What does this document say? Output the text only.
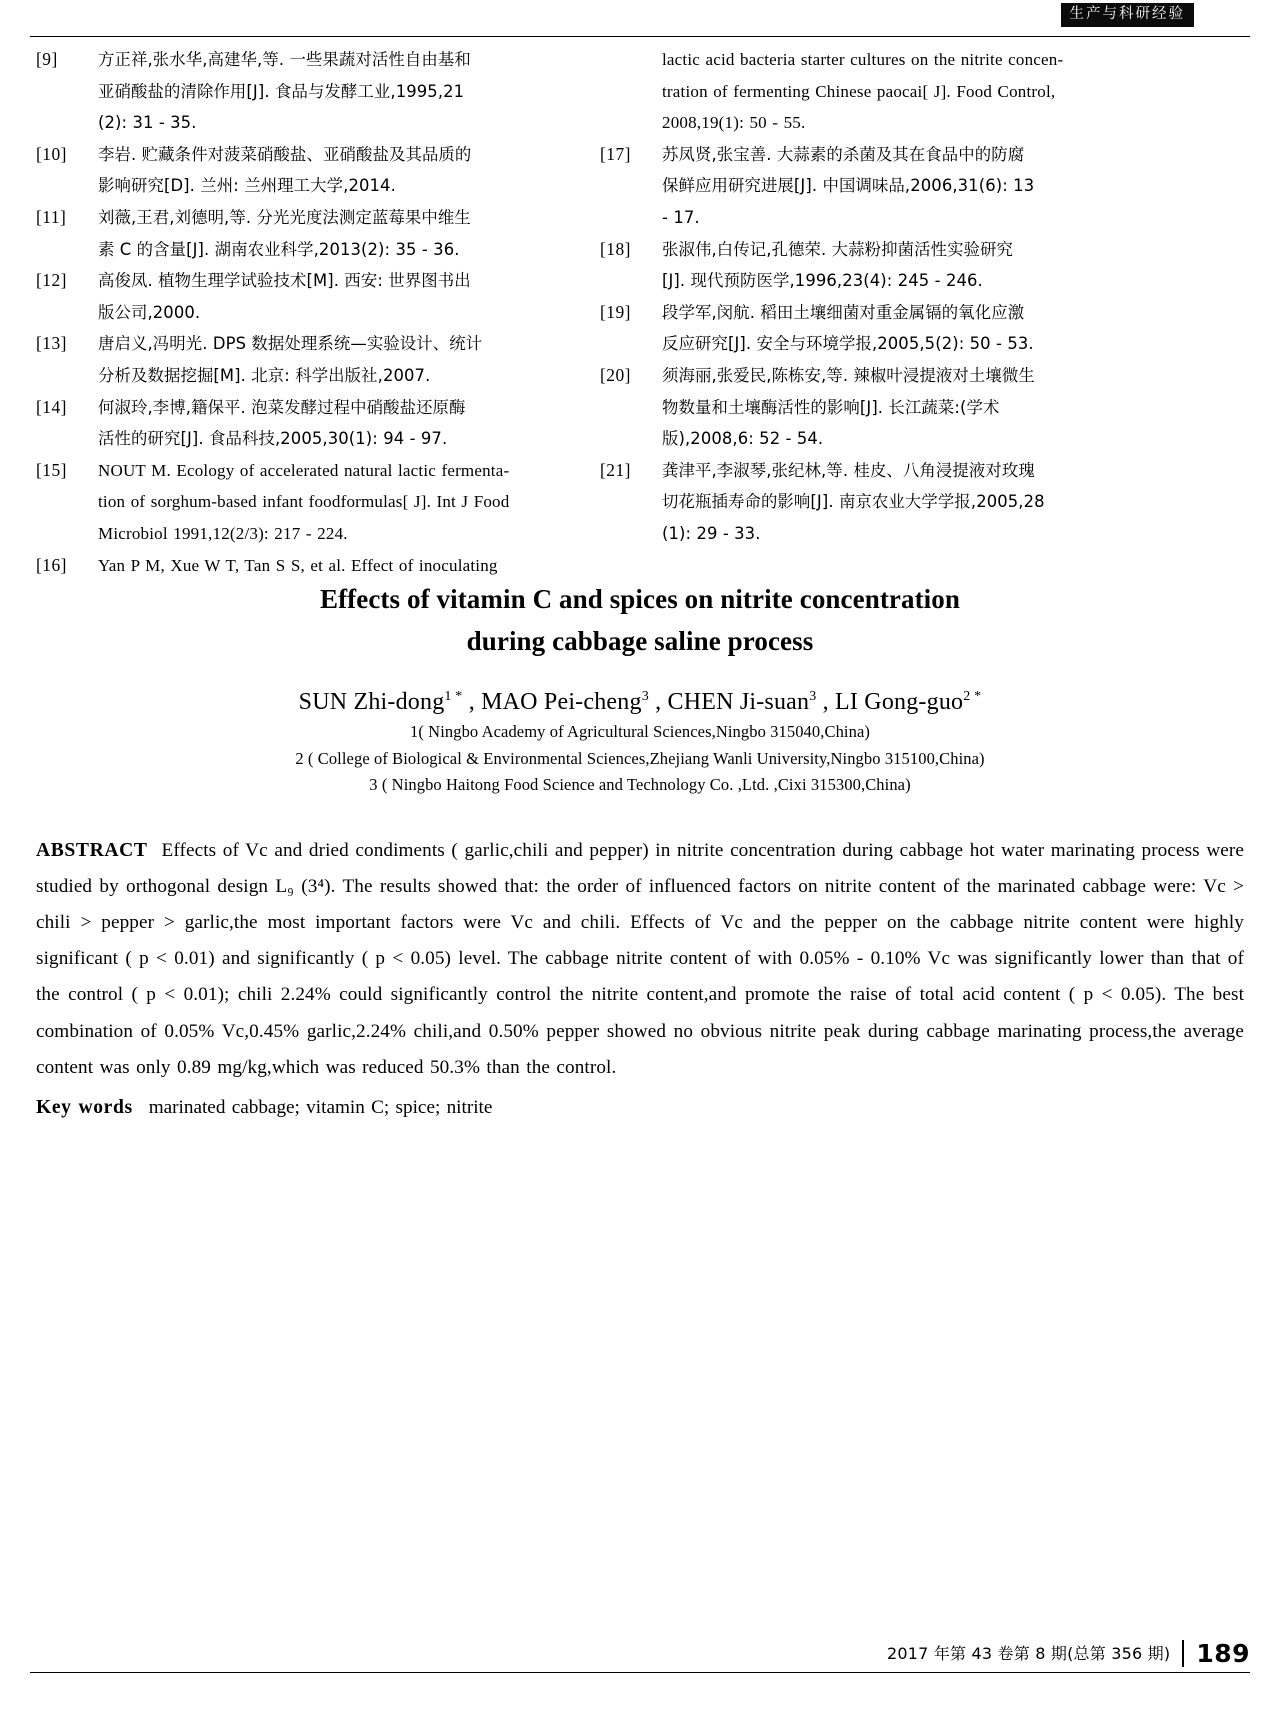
生产与科研经验
[9]	方正祥,张水华,高建华,等. 一些果蔬对活性自由基和
亚硝酸盐的清除作用[J]. 食品与发酵工业,1995,21
(2): 31 - 35.
[10]	李岩. 贮藏条件对菠菜硝酸盐、亚硝酸盐及其品质的
影响研究[D]. 兰州: 兰州理工大学,2014.
[11]	刘薇,王君,刘德明,等. 分光光度法测定蓝莓果中维生
素 C 的含量[J]. 湖南农业科学,2013(2): 35 - 36.
[12]	高俊凤. 植物生理学试验技术[M]. 西安: 世界图书出
版公司,2000.
[13]	唐启义,冯明光. DPS 数据处理系统—实验设计、统计
分析及数据挖掘[M]. 北京: 科学出版社,2007.
[14]	何淑玲,李博,籍保平. 泡菜发酵过程中硝酸盐还原酶
活性的研究[J]. 食品科技,2005,30(1): 94 - 97.
[15]	NOUT M. Ecology of accelerated natural lactic fermenta-
tion of sorghum-based infant foodformulas[ J]. Int J Food
Microbiol 1991,12(2/3): 217 - 224.
[16]	Yan P M, Xue W T, Tan S S, et al. Effect of inoculating
lactic acid bacteria starter cultures on the nitrite concen-
tration of fermenting Chinese paocai[ J]. Food Control,
2008,19(1): 50 - 55.
[17]	苏凤贤,张宝善. 大蒜素的杀菌及其在食品中的防腐
保鲜应用研究进展[J]. 中国调味品,2006,31(6): 13
- 17.
[18]	张淑伟,白传记,孔德荣. 大蒜粉抑菌活性实验研究
[J]. 现代预防医学,1996,23(4): 245 - 246.
[19]	段学军,闵航. 稻田土壤细菌对重金属镉的氧化应激
反应研究[J]. 安全与环境学报,2005,5(2): 50 - 53.
[20]	须海丽,张爱民,陈栋安,等. 辣椒叶浸提液对土壤微生
物数量和土壤酶活性的影响[J]. 长江蔬菜:(学术
版),2008,6: 52 - 54.
[21]	龚津平,李淑琴,张纪林,等. 桂皮、八角浸提液对玫瑰
切花瓶插寿命的影响[J]. 南京农业大学学报,2005,28
(1): 29 - 33.
Effects of vitamin C and spices on nitrite concentration
during cabbage saline process
SUN Zhi-dong$^{1 *}$ , MAO Pei-cheng$^3$ , CHEN Ji-suan$^3$ , LI Gong-guo$^{2 *}$
1( Ningbo Academy of Agricultural Sciences,Ningbo 315040,China)
2 ( College of Biological & Environmental Sciences,Zhejiang Wanli University,Ningbo 315100,China)
3 ( Ningbo Haitong Food Science and Technology Co. ,Ltd. ,Cixi 315300,China)
ABSTRACT Effects of Vc and dried condiments ( garlic,chili and pepper) in nitrite concentration during cabbage hot water marinating process were studied by orthogonal design L₉ (3⁴). The results showed that: the order of influenced factors on nitrite content of the marinated cabbage were: Vc > chili > pepper > garlic,the most important factors were Vc and chili. Effects of Vc and the pepper on the cabbage nitrite content were highly significant ( p < 0.01) and significantly ( p < 0.05) level. The cabbage nitrite content of with 0.05% - 0.10% Vc was significantly lower than that of the control ( p < 0.01); chili 2.24% could significantly control the nitrite content,and promote the raise of total acid content ( p < 0.05). The best combination of 0.05% Vc,0.45% garlic,2.24% chili,and 0.50% pepper showed no obvious nitrite peak during cabbage marinating process,the average content was only 0.89 mg/kg,which was reduced 50.3% than the control.
Key words marinated cabbage; vitamin C; spice; nitrite
2017 年第 43 卷第 8 期(总第 356 期) 189
